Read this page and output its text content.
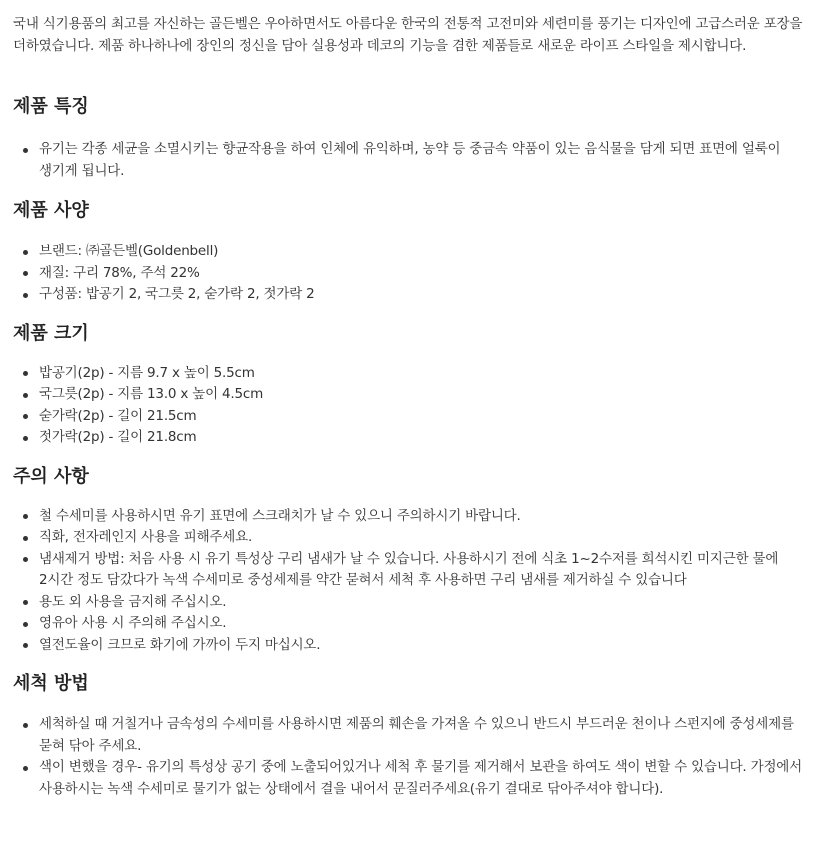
국내 식기용품의 최고를 자신하는 골든벨은 우아하면서도 아름다운 한국의 전통적 고전미와 세련미를 풍기는 디자인에 고급스러운 포장을 더하였습니다. 제품 하나하나에 장인의 정신을 담아 실용성과 데코의 기능을 겸한 제품들로 새로운 라이프 스타일을 제시합니다.

제품 특징
유기는 각종 세균을 소멸시키는 향균작용을 하여 인체에 유익하며, 농약 등 중금속 약품이 있는 음식물을 담게 되면 표면에 얼룩이 생기게 됩니다.
제품 사양
브랜드: ㈜골든벨(Goldenbell)
재질: 구리 78%, 주석 22%
구성품: 밥공기 2, 국그릇 2, 숟가락 2, 젓가락 2
제품 크기
밥공기(2p) - 지름 9.7 x 높이 5.5cm
국그릇(2p) - 지름 13.0 x 높이 4.5cm
숟가락(2p) - 길이 21.5cm
젓가락(2p) - 길이 21.8cm
주의 사항
철 수세미를 사용하시면 유기 표면에 스크래치가 날 수 있으니 주의하시기 바랍니다.
직화, 전자레인지 사용을 피해주세요.
냄새제거 방법: 처음 사용 시 유기 특성상 구리 냄새가 날 수 있습니다. 사용하시기 전에 식초 1~2수저를 희석시킨 미지근한 물에 2시간 정도 담갔다가 녹색 수세미로 중성세제를 약간 묻혀서 세척 후 사용하면 구리 냄새를 제거하실 수 있습니다
용도 외 사용을 금지해 주십시오.
영유아 사용 시 주의해 주십시오.
열전도율이 크므로 화기에 가까이 두지 마십시오.
세척 방법
세척하실 때 거칠거나 금속성의 수세미를 사용하시면 제품의 훼손을 가져올 수 있으니 반드시 부드러운 천이나 스펀지에 중성세제를 묻혀 닦아 주세요.
색이 변했을 경우- 유기의 특성상 공기 중에 노출되어있거나 세척 후 물기를 제거해서 보관을 하여도 색이 변할 수 있습니다. 가정에서 사용하시는 녹색 수세미로 물기가 없는 상태에서 결을 내어서 문질러주세요(유기 결대로 닦아주셔야 합니다).
